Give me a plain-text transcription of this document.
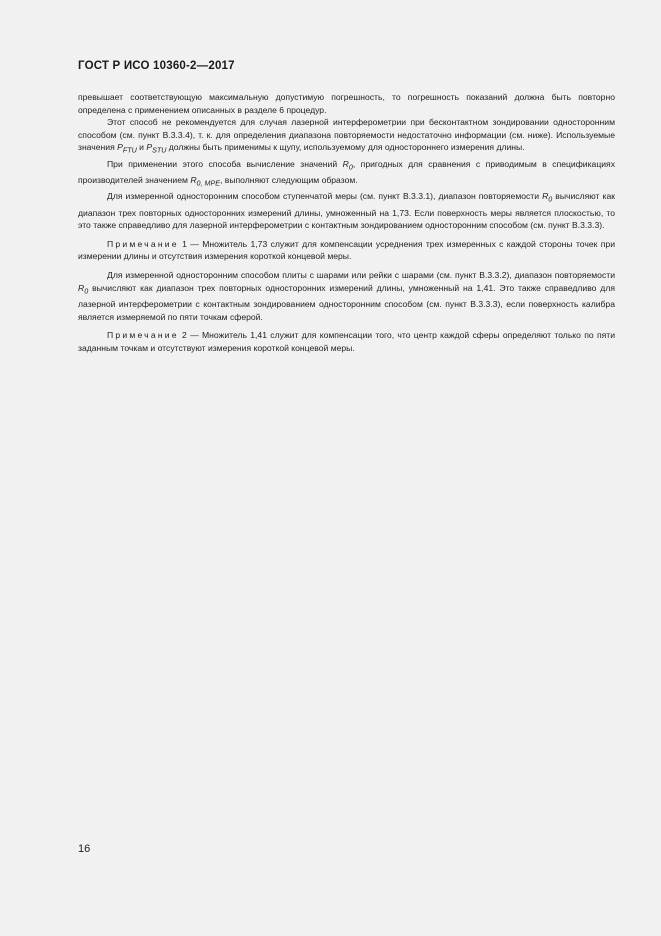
ГОСТ Р ИСО 10360-2—2017

превышает соответствующую максимальную допустимую погрешность, то погрешность показаний должна быть повторно определена с применением описанных в разделе 6 процедур.

Этот способ не рекомендуется для случая лазерной интерферометрии при бесконтактном зондировании односторонним способом (см. пункт В.3.3.4), т. к. для определения диапазона повторяемости недостаточно информации (см. ниже). Используемые значения $P_{FTU}$ и $P_{STU}$ должны быть применимы к щупу, используемому для одностороннего измерения длины.

При применении этого способа вычисление значений $R_0$, пригодных для сравнения с приводимым в спецификациях производителей значением $R_{0, MPE}$, выполняют следующим образом.

Для измеренной односторонним способом ступенчатой меры (см. пункт В.3.3.1), диапазон повторяемости $R_0$ вычисляют как диапазон трех повторных односторонних измерений длины, умноженный на 1,73. Если поверхность меры является плоскостью, то это также справедливо для лазерной интерферометрии с контактным зондированием односторонним способом (см. пункт В.3.3.3).

Примечание 1 — Множитель 1,73 служит для компенсации усреднения трех измеренных с каждой стороны точек при измерении длины и отсутствия измерения короткой концевой меры.

Для измеренной односторонним способом плиты с шарами или рейки с шарами (см. пункт В.3.3.2), диапазон повторяемости $R_0$ вычисляют как диапазон трех повторных односторонних измерений длины, умноженный на 1,41. Это также справедливо для лазерной интерферометрии с контактным зондированием односторонним способом (см. пункт В.3.3.3), если поверхность калибра является измеряемой по пяти точкам сферой.

Примечание 2 — Множитель 1,41 служит для компенсации того, что центр каждой сферы определяют только по пяти заданным точкам и отсутствуют измерения короткой концевой меры.

16
